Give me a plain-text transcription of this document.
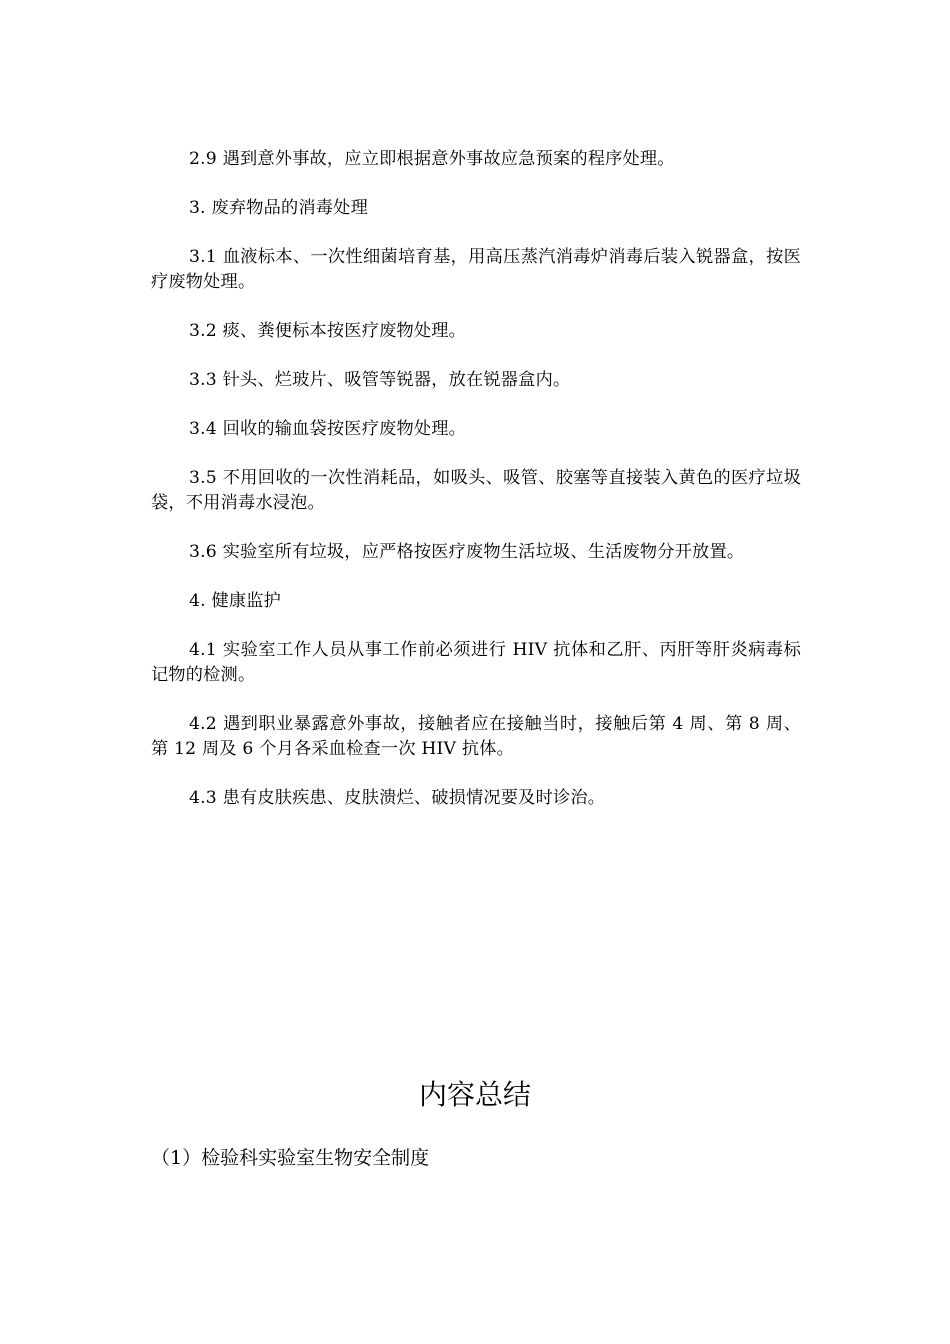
2.9 遇到意外事故，应立即根据意外事故应急预案的程序处理。

3. 废弃物品的消毒处理

3.1 血液标本、一次性细菌培育基，用高压蒸汽消毒炉消毒后装入锐器盒，按医疗废物处理。

3.2 痰、粪便标本按医疗废物处理。

3.3 针头、烂玻片、吸管等锐器，放在锐器盒内。

3.4 回收的输血袋按医疗废物处理。

3.5 不用回收的一次性消耗品，如吸头、吸管、胶塞等直接装入黄色的医疗垃圾袋，不用消毒水浸泡。

3.6 实验室所有垃圾，应严格按医疗废物生活垃圾、生活废物分开放置。

4. 健康监护

4.1 实验室工作人员从事工作前必须进行 HIV 抗体和乙肝、丙肝等肝炎病毒标记物的检测。

4.2 遇到职业暴露意外事故，接触者应在接触当时，接触后第 4 周、第 8 周、第 12 周及 6 个月各采血检查一次 HIV 抗体。

4.3 患有皮肤疾患、皮肤溃烂、破损情况要及时诊治。

内容总结

（1）检验科实验室生物安全制度
